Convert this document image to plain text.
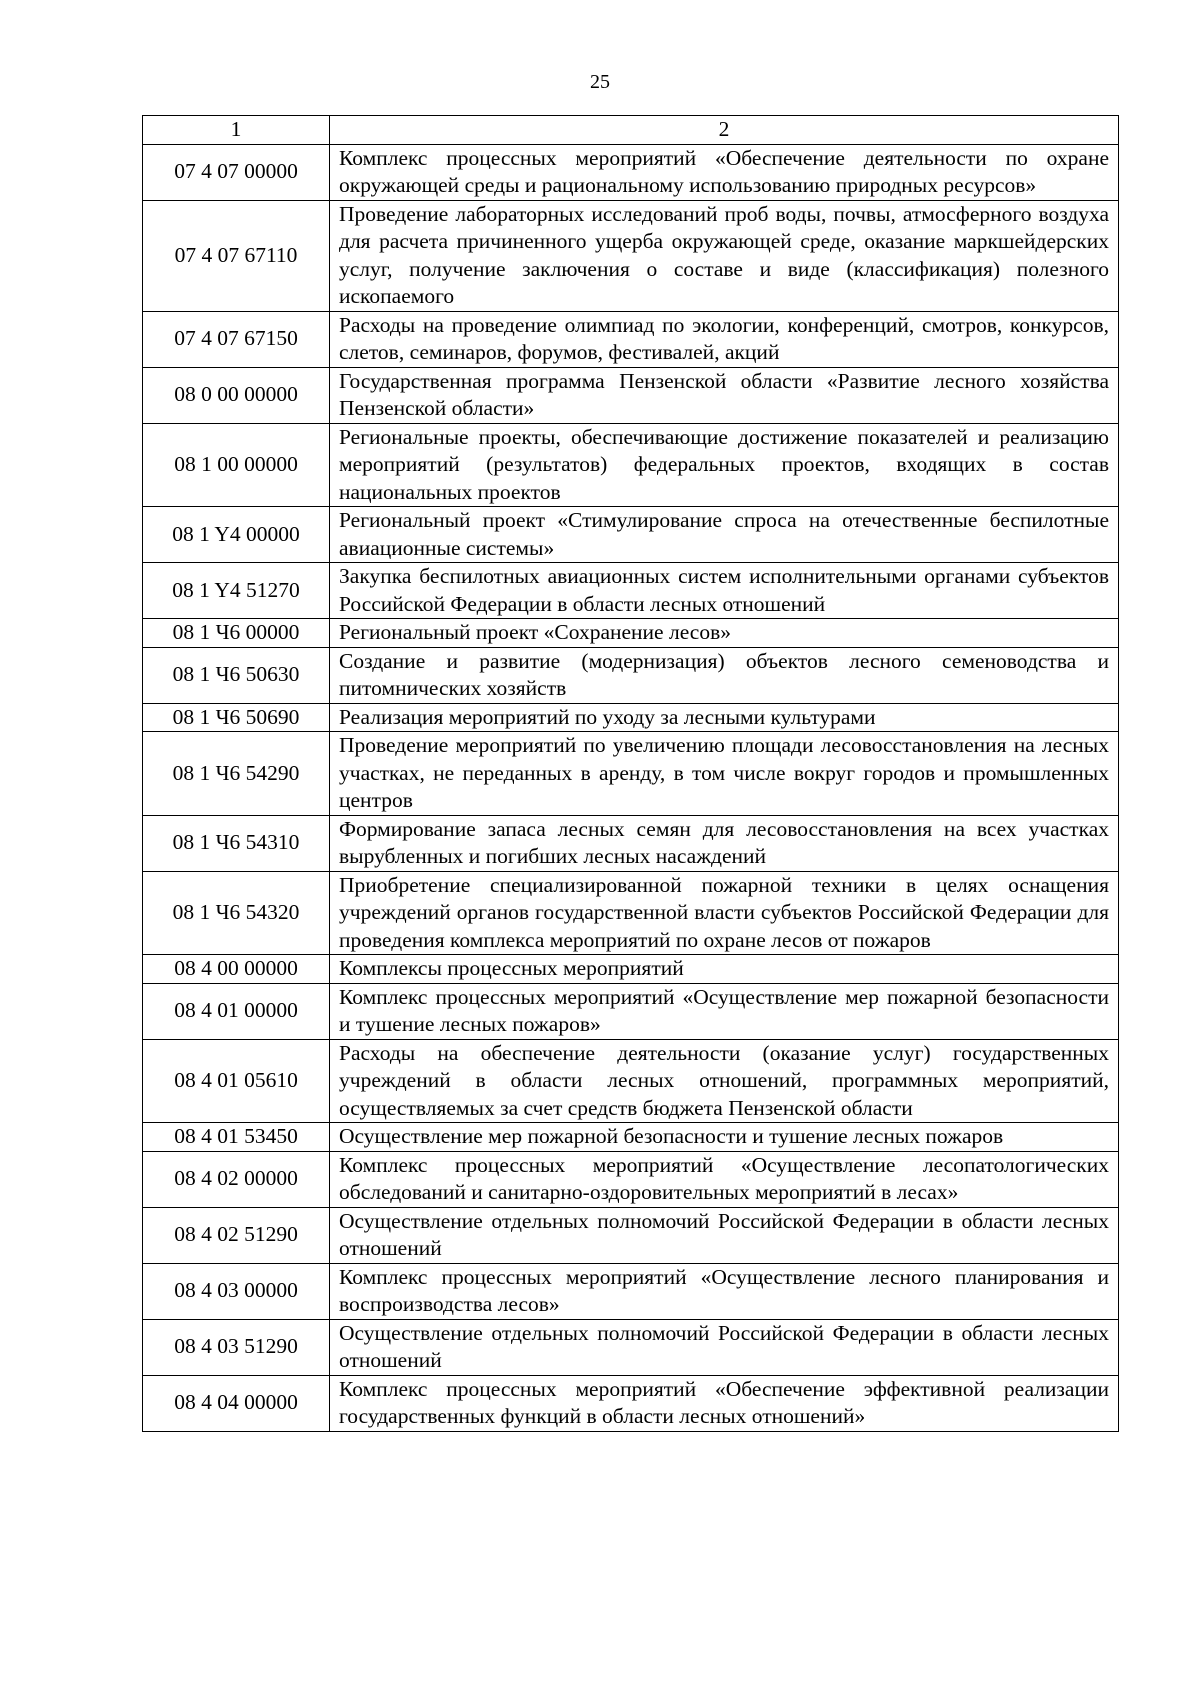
25
1	2
07 4 07 00000	Комплекс процессных мероприятий «Обеспечение деятельности по охране окружающей среды и рациональному использованию природных ресурсов»
07 4 07 67110	Проведение лабораторных исследований проб воды, почвы, атмосферного воздуха для расчета причиненного ущерба окружающей среде, оказание маркшейдерских услуг, получение заключения о составе и виде (классификация) полезного ископаемого
07 4 07 67150	Расходы на проведение олимпиад по экологии, конференций, смотров, конкурсов, слетов, семинаров, форумов, фестивалей, акций
08 0 00 00000	Государственная программа Пензенской области «Развитие лесного хозяйства Пензенской области»
08 1 00 00000	Региональные проекты, обеспечивающие достижение показателей и реализацию мероприятий (результатов) федеральных проектов, входящих в состав национальных проектов
08 1 Y4 00000	Региональный проект «Стимулирование спроса на отечественные беспилотные авиационные системы»
08 1 Y4 51270	Закупка беспилотных авиационных систем исполнительными органами субъектов Российской Федерации в области лесных отношений
08 1 Ч6 00000	Региональный проект «Сохранение лесов»
08 1 Ч6 50630	Создание и развитие (модернизация) объектов лесного семеноводства и питомнических хозяйств
08 1 Ч6 50690	Реализация мероприятий по уходу за лесными культурами
08 1 Ч6 54290	Проведение мероприятий по увеличению площади лесовосстановления на лесных участках, не переданных в аренду, в том числе вокруг городов и промышленных центров
08 1 Ч6 54310	Формирование запаса лесных семян для лесовосстановления на всех участках вырубленных и погибших лесных насаждений
08 1 Ч6 54320	Приобретение специализированной пожарной техники в целях оснащения учреждений органов государственной власти субъектов Российской Федерации для проведения комплекса мероприятий по охране лесов от пожаров
08 4 00 00000	Комплексы процессных мероприятий
08 4 01 00000	Комплекс процессных мероприятий «Осуществление мер пожарной безопасности и тушение лесных пожаров»
08 4 01 05610	Расходы на обеспечение деятельности (оказание услуг) государственных учреждений в области лесных отношений, программных мероприятий, осуществляемых за счет средств бюджета Пензенской области
08 4 01 53450	Осуществление мер пожарной безопасности и тушение лесных пожаров
08 4 02 00000	Комплекс процессных мероприятий «Осуществление лесопатологических обследований и санитарно-оздоровительных мероприятий в лесах»
08 4 02 51290	Осуществление отдельных полномочий Российской Федерации в области лесных отношений
08 4 03 00000	Комплекс процессных мероприятий «Осуществление лесного планирования и воспроизводства лесов»
08 4 03 51290	Осуществление отдельных полномочий Российской Федерации в области лесных отношений
08 4 04 00000	Комплекс процессных мероприятий «Обеспечение эффективной реализации государственных функций в области лесных отношений»
